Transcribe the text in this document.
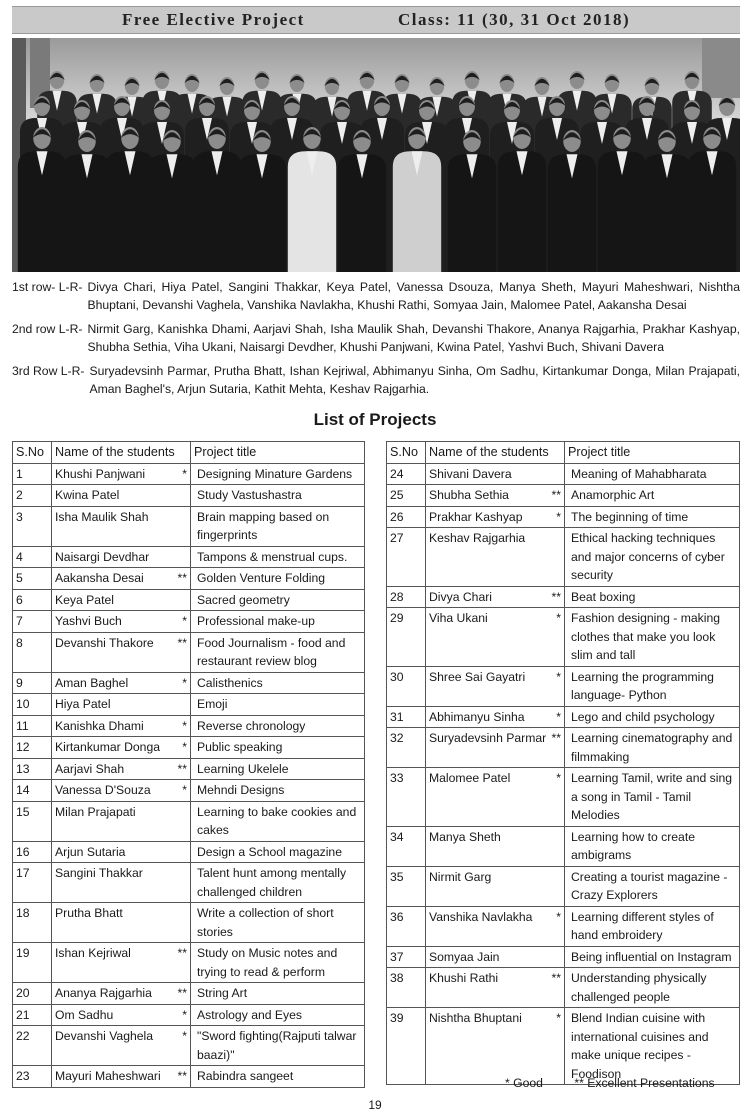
Free Elective Project	Class: 11 (30, 31 Oct 2018)
1st row- L-R- Divya Chari, Hiya Patel, Sangini Thakkar, Keya Patel, Vanessa Dsouza, Manya Sheth, Mayuri Maheshwari, Nishtha Bhuptani, Devanshi Vaghela, Vanshika Navlakha, Khushi Rathi, Somyaa Jain, Malomee Patel, Aakansha Desai
2nd row L-R- Nirmit Garg, Kanishka Dhami, Aarjavi Shah, Isha Maulik Shah, Devanshi Thakore, Ananya Rajgarhia, Prakhar Kashyap, Shubha Sethia, Viha Ukani, Naisargi Devdher, Khushi Panjwani, Kwina Patel, Yashvi Buch, Shivani Davera
3rd Row L-R- Suryadevsinh Parmar, Prutha Bhatt, Ishan Kejriwal, Abhimanyu Sinha, Om Sadhu, Kirtankumar Donga, Milan Prajapati, Aman Baghel's, Arjun Sutaria, Kathit Mehta, Keshav Rajgarhia.
List of Projects
S.No	Name of the students	Project title
1	Khushi Panjwani *	Designing Minature Gardens
2	Kwina Patel	Study Vastushastra
3	Isha Maulik Shah	Brain mapping based on fingerprints
4	Naisargi Devdhar	Tampons & menstrual cups.
5	Aakansha Desai **	Golden Venture Folding
6	Keya Patel	Sacred geometry
7	Yashvi Buch *	Professional make-up
8	Devanshi Thakore **	Food Journalism - food and restaurant review blog
9	Aman Baghel *	Calisthenics
10	Hiya Patel	Emoji
11	Kanishka Dhami *	Reverse chronology
12	Kirtankumar Donga *	Public speaking
13	Aarjavi Shah **	Learning Ukelele
14	Vanessa D'Souza *	Mehndi Designs
15	Milan Prajapati	Learning to bake cookies and cakes
16	Arjun Sutaria	Design a School magazine
17	Sangini Thakkar	Talent hunt among mentally challenged children
18	Prutha Bhatt	Write a collection of short stories
19	Ishan Kejriwal **	Study on Music notes and trying to read & perform
20	Ananya Rajgarhia **	String Art
21	Om Sadhu *	Astrology and Eyes
22	Devanshi Vaghela *	"Sword fighting(Rajputi talwar baazi)"
23	Mayuri Maheshwari **	Rabindra sangeet
S.No	Name of the students	Project title
24	Shivani Davera	Meaning of Mahabharata
25	Shubha Sethia **	Anamorphic Art
26	Prakhar Kashyap *	The beginning of time
27	Keshav Rajgarhia	Ethical hacking techniques and major concerns of cyber security
28	Divya Chari **	Beat boxing
29	Viha Ukani *	Fashion designing - making clothes that make you look slim and tall
30	Shree Sai Gayatri *	Learning the programming language- Python
31	Abhimanyu Sinha *	Lego and child psychology
32	Suryadevsinh Parmar **	Learning cinematography and filmmaking
33	Malomee Patel *	Learning Tamil, write and sing a song in Tamil - Tamil Melodies
34	Manya Sheth	Learning how to create ambigrams
35	Nirmit Garg	Creating a tourist magazine - Crazy Explorers
36	Vanshika Navlakha *	Learning different styles of hand embroidery
37	Somyaa Jain	Being influential on Instagram
38	Khushi Rathi **	Understanding physically challenged people
39	Nishtha Bhuptani *	Blend Indian cuisine with international cuisines and make unique recipes - Foodison
* Good	** Excellent Presentations
19
